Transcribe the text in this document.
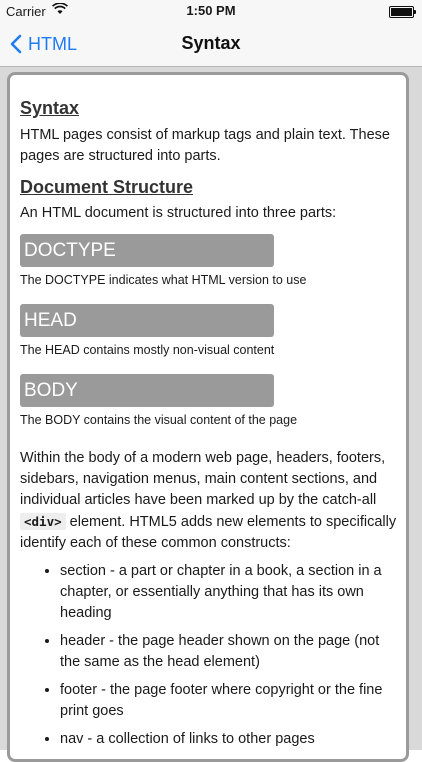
Carrier	1:50 PM
HTML	Syntax
Syntax

HTML pages consist of markup tags and plain text. These pages are structured into parts.

Document Structure

An HTML document is structured into three parts:

DOCTYPE

The DOCTYPE indicates what HTML version to use

HEAD

The HEAD contains mostly non-visual content

BODY

The BODY contains the visual content of the page

Within the body of a modern web page, headers, footers, sidebars, navigation menus, main content sections, and individual articles have been marked up by the catch-all <div> element. HTML5 adds new elements to specifically identify each of these common constructs:

• section - a part or chapter in a book, a section in a chapter, or essentially anything that has its own heading
• header - the page header shown on the page (not the same as the head element)
• footer - the page footer where copyright or the fine print goes
• nav - a collection of links to other pages
